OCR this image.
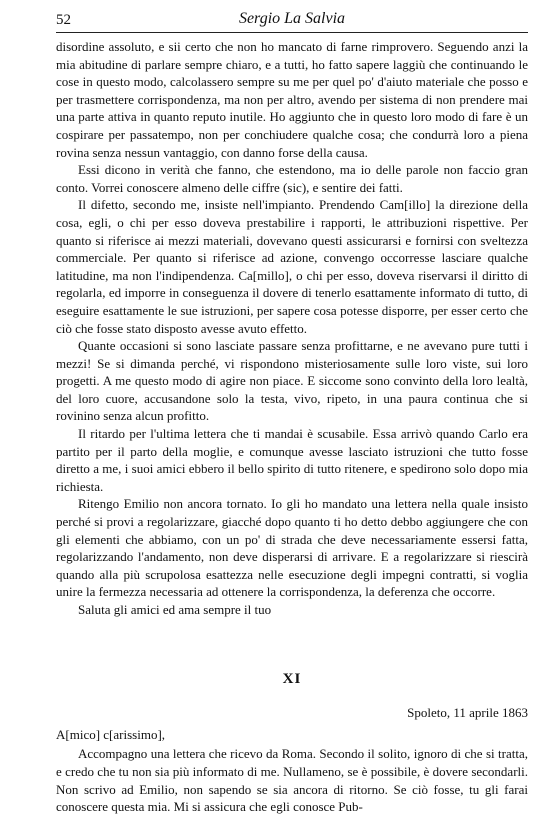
52	Sergio La Salvia

disordine assoluto, e sii certo che non ho mancato di farne rimprovero. Seguendo anzi la mia abitudine di parlare sempre chiaro, e a tutti, ho fatto sapere laggiù che continuando le cose in questo modo, calcolassero sempre su me per quel po' d'aiuto materiale che posso e per trasmettere corrispondenza, ma non per altro, avendo per sistema di non prendere mai una parte attiva in quanto reputo inutile. Ho aggiunto che in questo loro modo di fare è un cospirare per passatempo, non per conchiudere qualche cosa; che condurrà loro a piena rovina senza nessun vantaggio, con danno forse della causa.

Essi dicono in verità che fanno, che estendono, ma io delle parole non faccio gran conto. Vorrei conoscere almeno delle ciffre (sic), e sentire dei fatti.

Il difetto, secondo me, insiste nell'impianto. Prendendo Cam[illo] la direzione della cosa, egli, o chi per esso doveva prestabilire i rapporti, le attribuzioni rispettive. Per quanto si riferisce ai mezzi materiali, dovevano questi assicurarsi e fornirsi con sveltezza commerciale. Per quanto si riferisce ad azione, convengo occorresse lasciare qualche latitudine, ma non l'indipendenza. Ca[millo], o chi per esso, doveva riservarsi il diritto di regolarla, ed imporre in conseguenza il dovere di tenerlo esattamente informato di tutto, di eseguire esattamente le sue istruzioni, per sapere cosa potesse disporre, per esser certo che ciò che fosse stato disposto avesse avuto effetto.

Quante occasioni si sono lasciate passare senza profittarne, e ne avevano pure tutti i mezzi! Se si dimanda perché, vi rispondono misteriosamente sulle loro viste, sui loro progetti. A me questo modo di agire non piace. E siccome sono convinto della loro lealtà, del loro cuore, accusandone solo la testa, vivo, ripeto, in una paura continua che si rovinino senza alcun profitto.

Il ritardo per l'ultima lettera che ti mandai è scusabile. Essa arrivò quando Carlo era partito per il parto della moglie, e comunque avesse lasciato istruzioni che tutto fosse diretto a me, i suoi amici ebbero il bello spirito di tutto ritenere, e spedirono solo dopo mia richiesta.

Ritengo Emilio non ancora tornato. Io gli ho mandato una lettera nella quale insisto perché si provi a regolarizzare, giacché dopo quanto ti ho detto debbo aggiungere che con gli elementi che abbiamo, con un po' di strada che deve necessariamente essersi fatta, regolarizzando l'andamento, non deve disperarsi di arrivare. E a regolarizzare si riescirà quando alla più scrupolosa esattezza nelle esecuzione degli impegni contratti, si voglia unire la fermezza necessaria ad ottenere la corrispondenza, la deferenza che occorre.

Saluta gli amici ed ama sempre il tuo

XI
Spoleto, 11 aprile 1863
A[mico] c[arissimo],

Accompagno una lettera che ricevo da Roma. Secondo il solito, ignoro di che si tratta, e credo che tu non sia più informato di me. Nullameno, se è possibile, è dovere secondarli. Non scrivo ad Emilio, non sapendo se sia ancora di ritorno. Se ciò fosse, tu gli farai conoscere questa mia. Mi si assicura che egli conosce Pub-
